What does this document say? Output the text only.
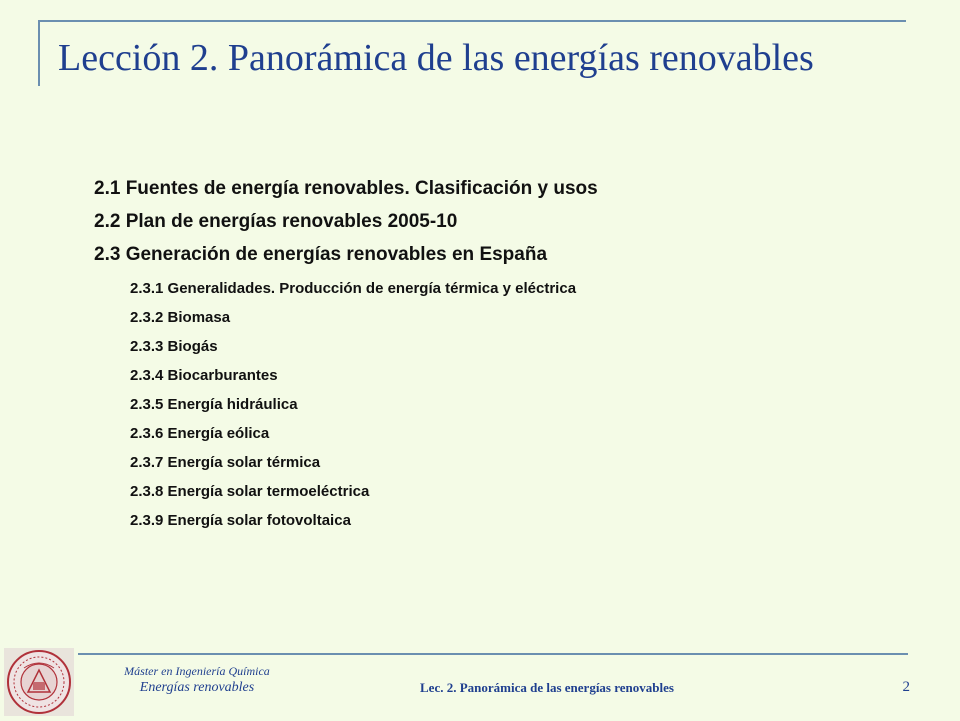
Lección 2. Panorámica de las energías renovables
2.1 Fuentes de energía renovables. Clasificación y usos
2.2 Plan de energías renovables 2005-10
2.3 Generación de energías renovables en España
2.3.1 Generalidades. Producción de energía térmica y eléctrica
2.3.2 Biomasa
2.3.3 Biogás
2.3.4 Biocarburantes
2.3.5 Energía hidráulica
2.3.6 Energía eólica
2.3.7 Energía solar térmica
2.3.8 Energía solar termoeléctrica
2.3.9 Energía solar fotovoltaica
Máster en Ingeniería Química
Energías renovables	Lec. 2. Panorámica de las energías renovables	2
